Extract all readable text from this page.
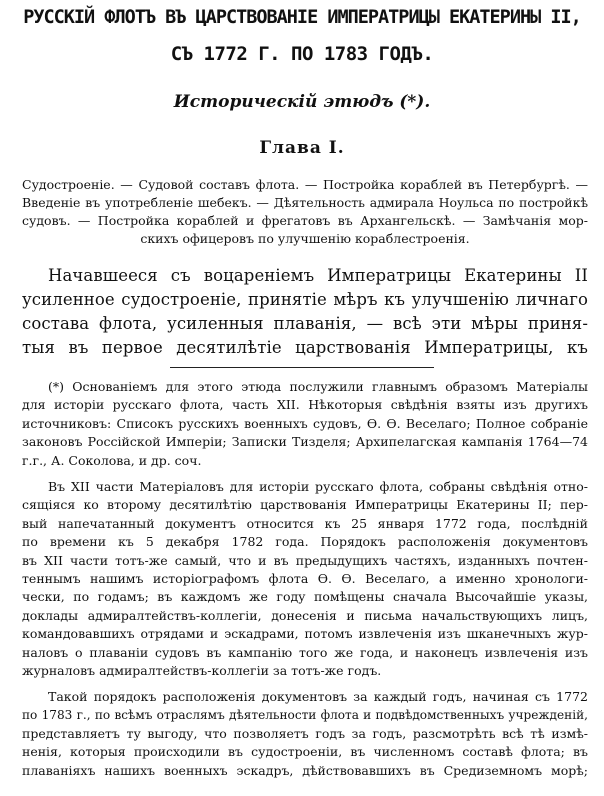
РУССКІЙ ФЛОТЪ ВЪ ЦАРСТВОВАНІЕ ИМПЕРАТРИЦЫ ЕКАТЕРИНЫ II,
СЪ 1772 Г. ПО 1783 ГОДЪ.
Историческій этюдъ (*).
Глава I.
Судостроеніе. — Судовой составъ флота. — Постройка кораблей въ Петербургѣ. —
Введеніе въ употребленіе шебекъ. — Дѣятельность адмирала Ноульса по постройкѣ
судовъ. — Постройка кораблей и фрегатовъ въ Архангельскѣ. — Замѣчанія мор-
скихъ офицеровъ по улучшенію кораблестроенія.
Начавшееся съ воцареніемъ Императрицы Екатерины II
усиленное судостроеніе, принятіе мѣръ къ улучшенію личнаго
состава флота, усиленныя плаванія, — всѣ эти мѣры приня-
тыя въ первое десятилѣтіе царствованія Императрицы, къ
(*) Основаніемъ для этого этюда послужили главнымъ образомъ Матеріалы
для исторіи русскаго флота, часть XII. Нѣкоторыя свѣдѣнія взяты изъ другихъ
источниковъ: Списокъ русскихъ военныхъ судовъ, Ѳ. Ѳ. Веселаго; Полное собраніе
законовъ Россійской Имперіи; Записки Тизделя; Архипелагская кампанія 1764—74
г.г., А. Соколова, и др. соч.
Въ XII части Матеріаловъ для исторіи русскаго флота, собраны свѣдѣнія отно-
сящіяся ко второму десятилѣтію царствованія Императрицы Екатерины II; пер-
вый напечатанный документъ относится къ 25 января 1772 года, послѣдній
по времени къ 5 декабря 1782 года. Порядокъ расположенія документовъ
въ XII части тотъ-же самый, что и въ предыдущихъ частяхъ, изданныхъ почтен-
теннымъ нашимъ исторіографомъ флота Ѳ. Ѳ. Веселаго, а именно хронологи-
чески, по годамъ; въ каждомъ же году помѣщены сначала Высочайшіе указы,
доклады адмиралтействъ-коллегіи, донесенія и письма начальствующихъ лицъ,
командовавшихъ отрядами и эскадрами, потомъ извлеченія изъ шканечныхъ жур-
наловъ о плаваніи судовъ въ кампанію того же года, и наконецъ извлеченія изъ
журналовъ адмиралтействъ-коллегіи за тотъ-же годъ.
Такой порядокъ расположенія документовъ за каждый годъ, начиная съ 1772
по 1783 г., по всѣмъ отраслямъ дѣятельности флота и подвѣдомственныхъ учрежденій,
представляетъ ту выгоду, что позволяетъ годъ за годъ, разсмотрѣть всѣ тѣ измѣ-
ненія, которыя происходили въ судостроеніи, въ численномъ составѣ флота; въ
плаваніяхъ нашихъ военныхъ эскадръ, дѣйствовавшихъ въ Средиземномъ морѣ;
